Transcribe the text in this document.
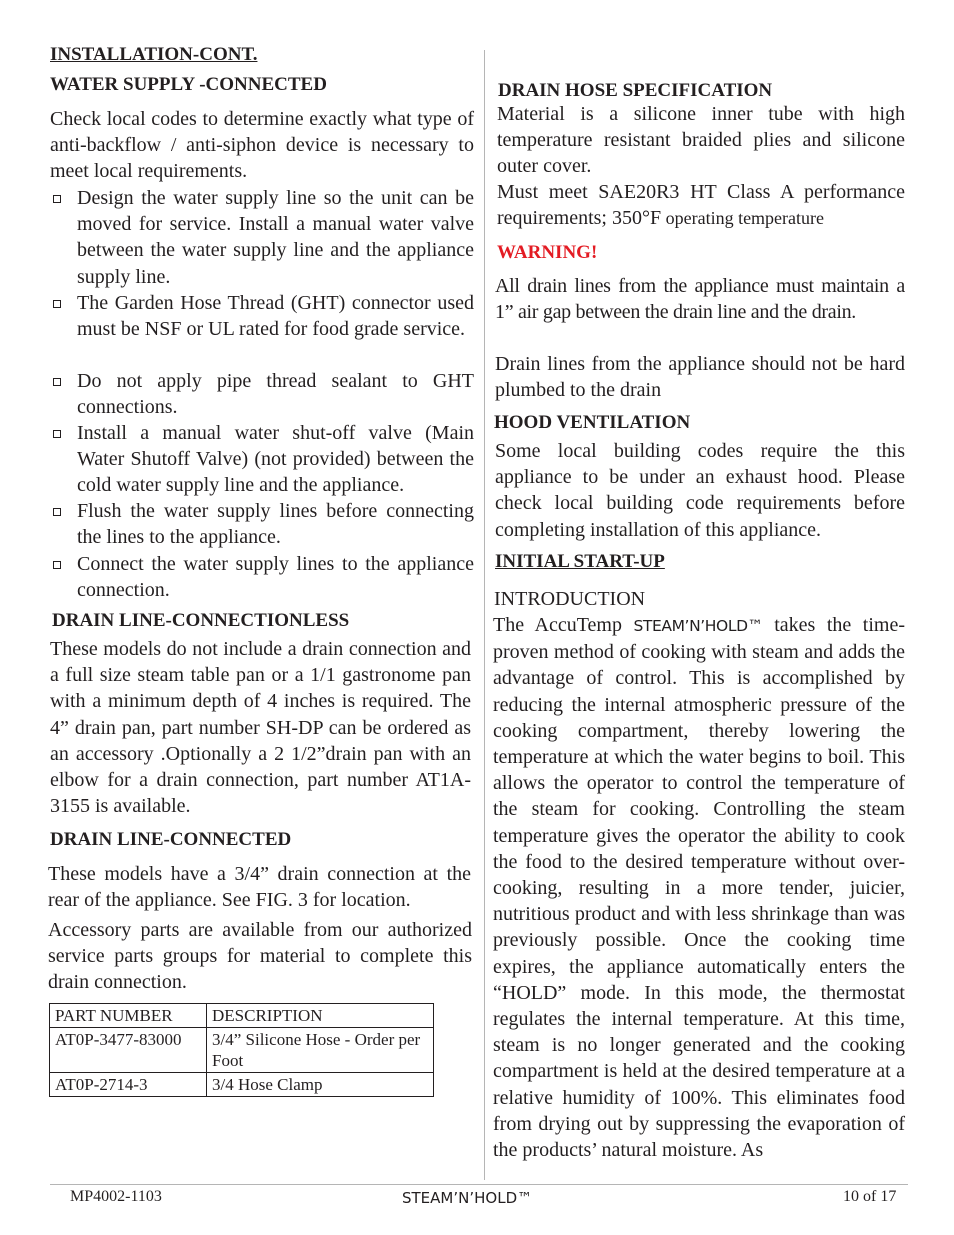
INSTALLATION-CONT.
WATER SUPPLY -CONNECTED
Check local codes to determine exactly what type of anti-backflow / anti-siphon device is necessary to meet local requirements.
Design the water supply line so the unit can be moved for service. Install a manual water valve between the water supply line and the appliance supply line.
The Garden Hose Thread (GHT) connector used must be NSF or UL rated for food grade service.
Do not apply pipe thread sealant to GHT connections.
Install a manual water shut-off valve (Main Water Shutoff Valve) (not provided) between the cold water supply line and the appliance.
Flush the water supply lines before connecting the lines to the appliance.
Connect the water supply lines to the appliance connection.
DRAIN LINE-CONNECTIONLESS
These models do not include a drain connection and a full size steam table pan or a 1/1 gastronome pan with a minimum depth of 4 inches is required. The 4” drain pan, part number SH-DP can be ordered as an accessory .Optionally a 2 1/2”drain pan with an elbow for a drain connection, part number AT1A-3155 is available.
DRAIN LINE-CONNECTED
These models have a 3/4” drain connection at the rear of the appliance. See FIG. 3 for location.
Accessory parts are available from our authorized service parts groups for material to complete this drain connection.
PART NUMBER	DESCRIPTION
AT0P-3477-83000	3/4” Silicone Hose - Order per Foot
AT0P-2714-3	3/4 Hose Clamp
DRAIN HOSE SPECIFICATION
Material is a silicone inner tube with high temperature resistant braided plies and silicone outer cover.
Must meet SAE20R3 HT Class A performance requirements; 350°F operating temperature
WARNING!
All drain lines from the appliance must maintain a 1” air gap between the drain line and the drain.
Drain lines from the appliance should not be hard plumbed to the drain
HOOD VENTILATION
Some local building codes require the this appliance to be under an exhaust hood. Please check local building code requirements before completing installation of this appliance.
INITIAL START-UP
INTRODUCTION
The AccuTemp STEAM’N’HOLD™ takes the time-proven method of cooking with steam and adds the advantage of control. This is accomplished by reducing the internal atmospheric pressure of the cooking compartment, thereby lowering the temperature at which the water begins to boil. This allows the operator to control the temperature of the steam for cooking. Controlling the steam temperature gives the operator the ability to cook the food to the desired temperature without over-cooking, resulting in a more tender, juicier, nutritious product and with less shrinkage than was previously possible. Once the cooking time expires, the appliance automatically enters the “HOLD” mode. In this mode, the thermostat regulates the internal temperature. At this time, steam is no longer generated and the cooking compartment is held at the desired temperature at a relative humidity of 100%. This eliminates food from drying out by suppressing the evaporation of the products’ natural moisture. As
MP4002-1103	STEAM’N’HOLD™	10 of 17
